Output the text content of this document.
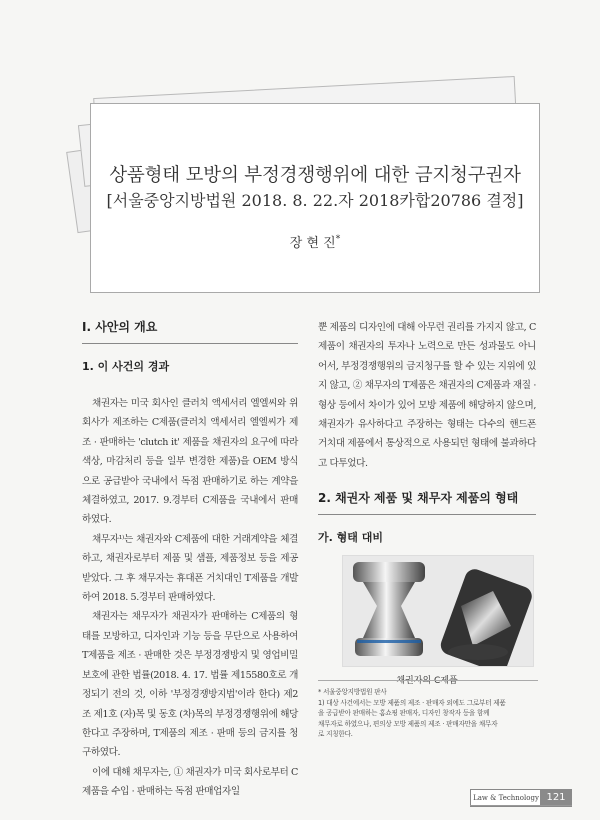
상품형태 모방의 부정경쟁행위에 대한 금지청구권자
[서울중앙지방법원 2018. 8. 22.자 2018카합20786 결정]
장 현 진*
I. 사안의 개요
1. 이 사건의 경과

채권자는 미국 회사인 클러치 액세서리 엘엘씨와 위 회사가 제조하는 C제품(클러치 액세서리 엘엘씨가 제조 · 판매하는 'clutch it' 제품을 채권자의 요구에 따라 색상, 마감처리 등을 일부 변경한 제품)을 OEM 방식으로 공급받아 국내에서 독점 판매하기로 하는 계약을 체결하였고, 2017. 9.경부터 C제품을 국내에서 판매하였다.

채무자¹⁾는 채권자와 C제품에 대한 거래계약을 체결하고, 채권자로부터 제품 및 샘플, 제품정보 등을 제공받았다. 그 후 채무자는 휴대폰 거치대인 T제품을 개발하여 2018. 5.경부터 판매하였다.

채권자는 채무자가 채권자가 판매하는 C제품의 형태를 모방하고, 디자인과 기능 등을 무단으로 사용하여 T제품을 제조 · 판매한 것은 부정경쟁방지 및 영업비밀보호에 관한 법률(2018. 4. 17. 법률 제15580호로 개정되기 전의 것, 이하 '부정경쟁방지법'이라 한다) 제2조 제1호 (자)목 및 동호 (차)목의 부정경쟁행위에 해당한다고 주장하며, T제품의 제조 · 판매 등의 금지를 청구하였다.

이에 대해 채무자는, ① 채권자가 미국 회사로부터 C제품을 수입 · 판매하는 독점 판매업자일

뿐 제품의 디자인에 대해 아무런 권리를 가지지 않고, C제품이 채권자의 투자나 노력으로 만든 성과물도 아니어서, 부정경쟁행위의 금지청구를 할 수 있는 지위에 있지 않고, ② 채무자의 T제품은 채권자의 C제품과 재질 · 형상 등에서 차이가 있어 모방 제품에 해당하지 않으며, 채권자가 유사하다고 주장하는 형태는 다수의 핸드폰 거치대 제품에서 통상적으로 사용되던 형태에 불과하다고 다투었다.

2. 채권자 제품 및 채무자 제품의 형태
가. 형태 대비
채권자의 C제품

* 서울중앙지방법원 판사

1) 대상 사건에서는 모방 제품의 제조 · 판매자 외에도 그로부터 제품

을 공급받아 판매하는 홈쇼핑 판매자, 디자인 창작자 등을 함께

채무자로 하였으나, 편의상 모방 제품의 제조 · 판매자만을 채무자

로 지칭한다.

Law & Technology 121
